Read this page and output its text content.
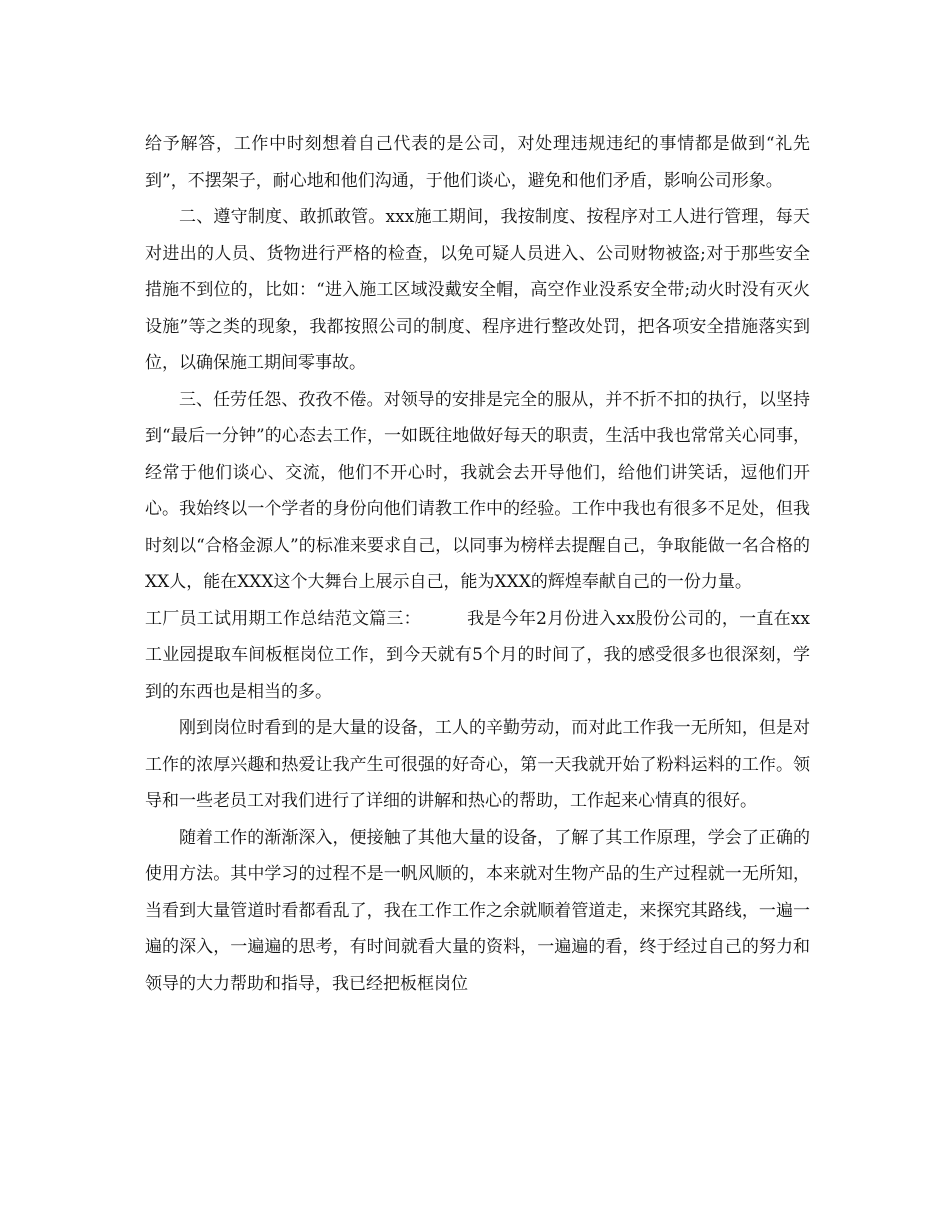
给予解答，工作中时刻想着自己代表的是公司，对处理违规违纪的事情都是做到“礼先到”，不摆架子，耐心地和他们沟通，于他们谈心，避免和他们矛盾，影响公司形象。

二、遵守制度、敢抓敢管。xxx施工期间，我按制度、按程序对工人进行管理，每天对进出的人员、货物进行严格的检查，以免可疑人员进入、公司财物被盗;对于那些安全措施不到位的，比如：“进入施工区域没戴安全帽，高空作业没系安全带;动火时没有灭火设施”等之类的现象，我都按照公司的制度、程序进行整改处罚，把各项安全措施落实到位，以确保施工期间零事故。

三、任劳任怨、孜孜不倦。对领导的安排是完全的服从，并不折不扣的执行，以坚持到“最后一分钟”的心态去工作，一如既往地做好每天的职责，生活中我也常常关心同事，经常于他们谈心、交流，他们不开心时，我就会去开导他们，给他们讲笑话，逗他们开心。我始终以一个学者的身份向他们请教工作中的经验。工作中我也有很多不足处，但我时刻以“合格金源人”的标准来要求自己，以同事为榜样去提醒自己，争取能做一名合格的XX人，能在XXX这个大舞台上展示自己，能为XXX的辉煌奉献自己的一份力量。

工厂员工试用期工作总结范文篇三：	我是今年2月份进入xx股份公司的，一直在xx工业园提取车间板框岗位工作，到今天就有5个月的时间了，我的感受很多也很深刻，学到的东西也是相当的多。

刚到岗位时看到的是大量的设备，工人的辛勤劳动，而对此工作我一无所知，但是对工作的浓厚兴趣和热爱让我产生可很强的好奇心，第一天我就开始了粉料运料的工作。领导和一些老员工对我们进行了详细的讲解和热心的帮助，工作起来心情真的很好。

随着工作的渐渐深入，便接触了其他大量的设备，了解了其工作原理，学会了正确的使用方法。其中学习的过程不是一帆风顺的，本来就对生物产品的生产过程就一无所知，当看到大量管道时看都看乱了，我在工作工作之余就顺着管道走，来探究其路线，一遍一遍的深入，一遍遍的思考，有时间就看大量的资料，一遍遍的看，终于经过自己的努力和领导的大力帮助和指导，我已经把板框岗位
